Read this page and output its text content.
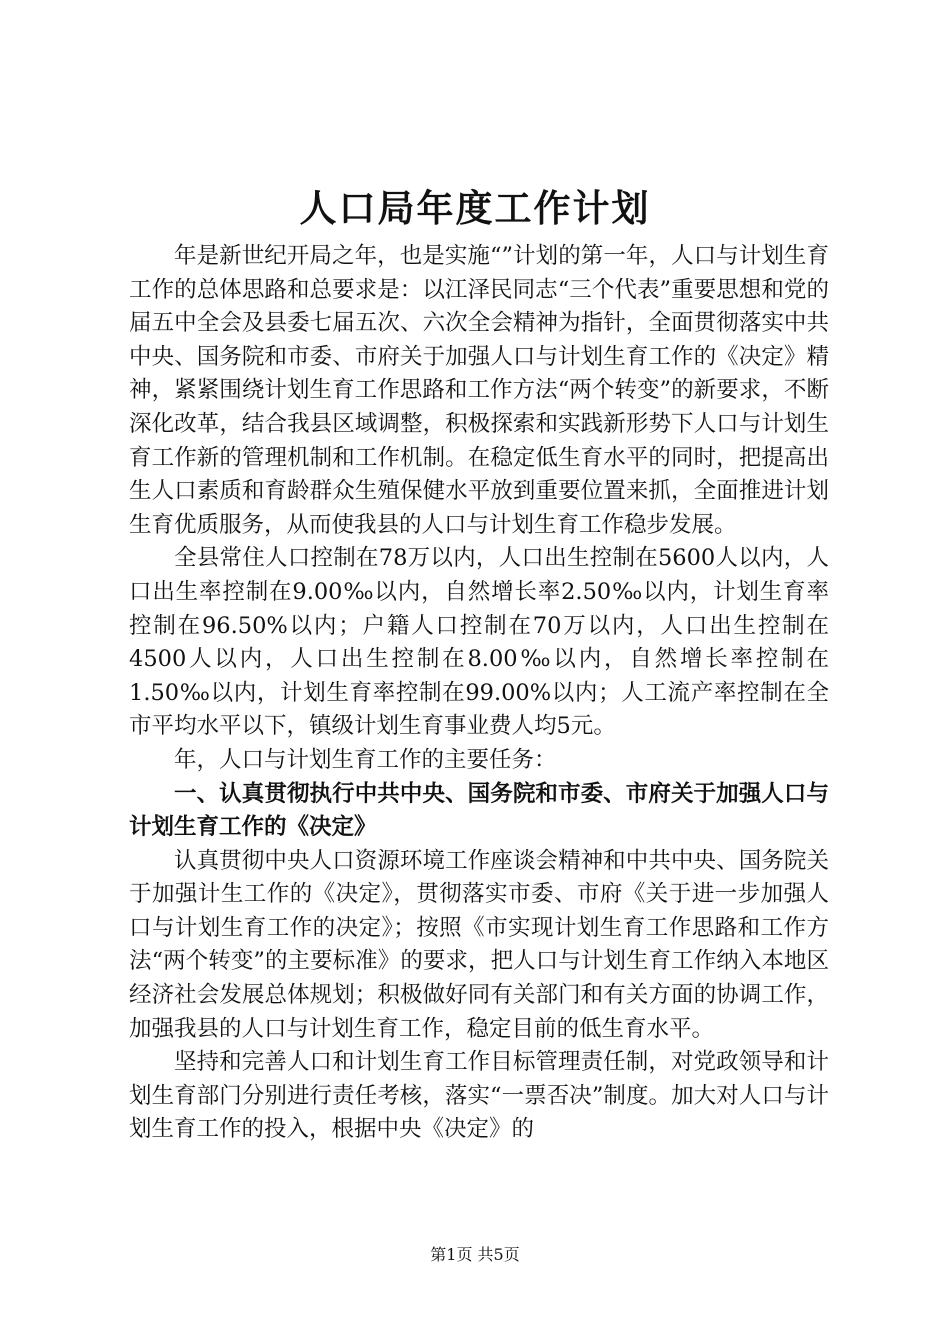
人口局年度工作计划

年是新世纪开局之年，也是实施“”计划的第一年，人口与计划生育工作的总体思路和总要求是：以江泽民同志“三个代表”重要思想和党的届五中全会及县委七届五次、六次全会精神为指针，全面贯彻落实中共中央、国务院和市委、市府关于加强人口与计划生育工作的《决定》精神，紧紧围绕计划生育工作思路和工作方法“两个转变”的新要求，不断深化改革，结合我县区域调整，积极探索和实践新形势下人口与计划生育工作新的管理机制和工作机制。在稳定低生育水平的同时，把提高出生人口素质和育龄群众生殖保健水平放到重要位置来抓，全面推进计划生育优质服务，从而使我县的人口与计划生育工作稳步发展。

全县常住人口控制在78万以内，人口出生控制在5600人以内，人口出生率控制在9.00‰以内，自然增长率2.50‰以内，计划生育率控制在96.50%以内；户籍人口控制在70万以内，人口出生控制在4500人以内，人口出生控制在8.00‰以内，自然增长率控制在1.50‰以内，计划生育率控制在99.00%以内；人工流产率控制在全市平均水平以下，镇级计划生育事业费人均5元。

年，人口与计划生育工作的主要任务：

一、认真贯彻执行中共中央、国务院和市委、市府关于加强人口与计划生育工作的《决定》

认真贯彻中央人口资源环境工作座谈会精神和中共中央、国务院关于加强计生工作的《决定》，贯彻落实市委、市府《关于进一步加强人口与计划生育工作的决定》；按照《市实现计划生育工作思路和工作方法“两个转变”的主要标准》的要求，把人口与计划生育工作纳入本地区经济社会发展总体规划；积极做好同有关部门和有关方面的协调工作，加强我县的人口与计划生育工作，稳定目前的低生育水平。

坚持和完善人口和计划生育工作目标管理责任制，对党政领导和计划生育部门分别进行责任考核，落实“一票否决”制度。加大对人口与计划生育工作的投入，根据中央《决定》的

第1页 共5页
